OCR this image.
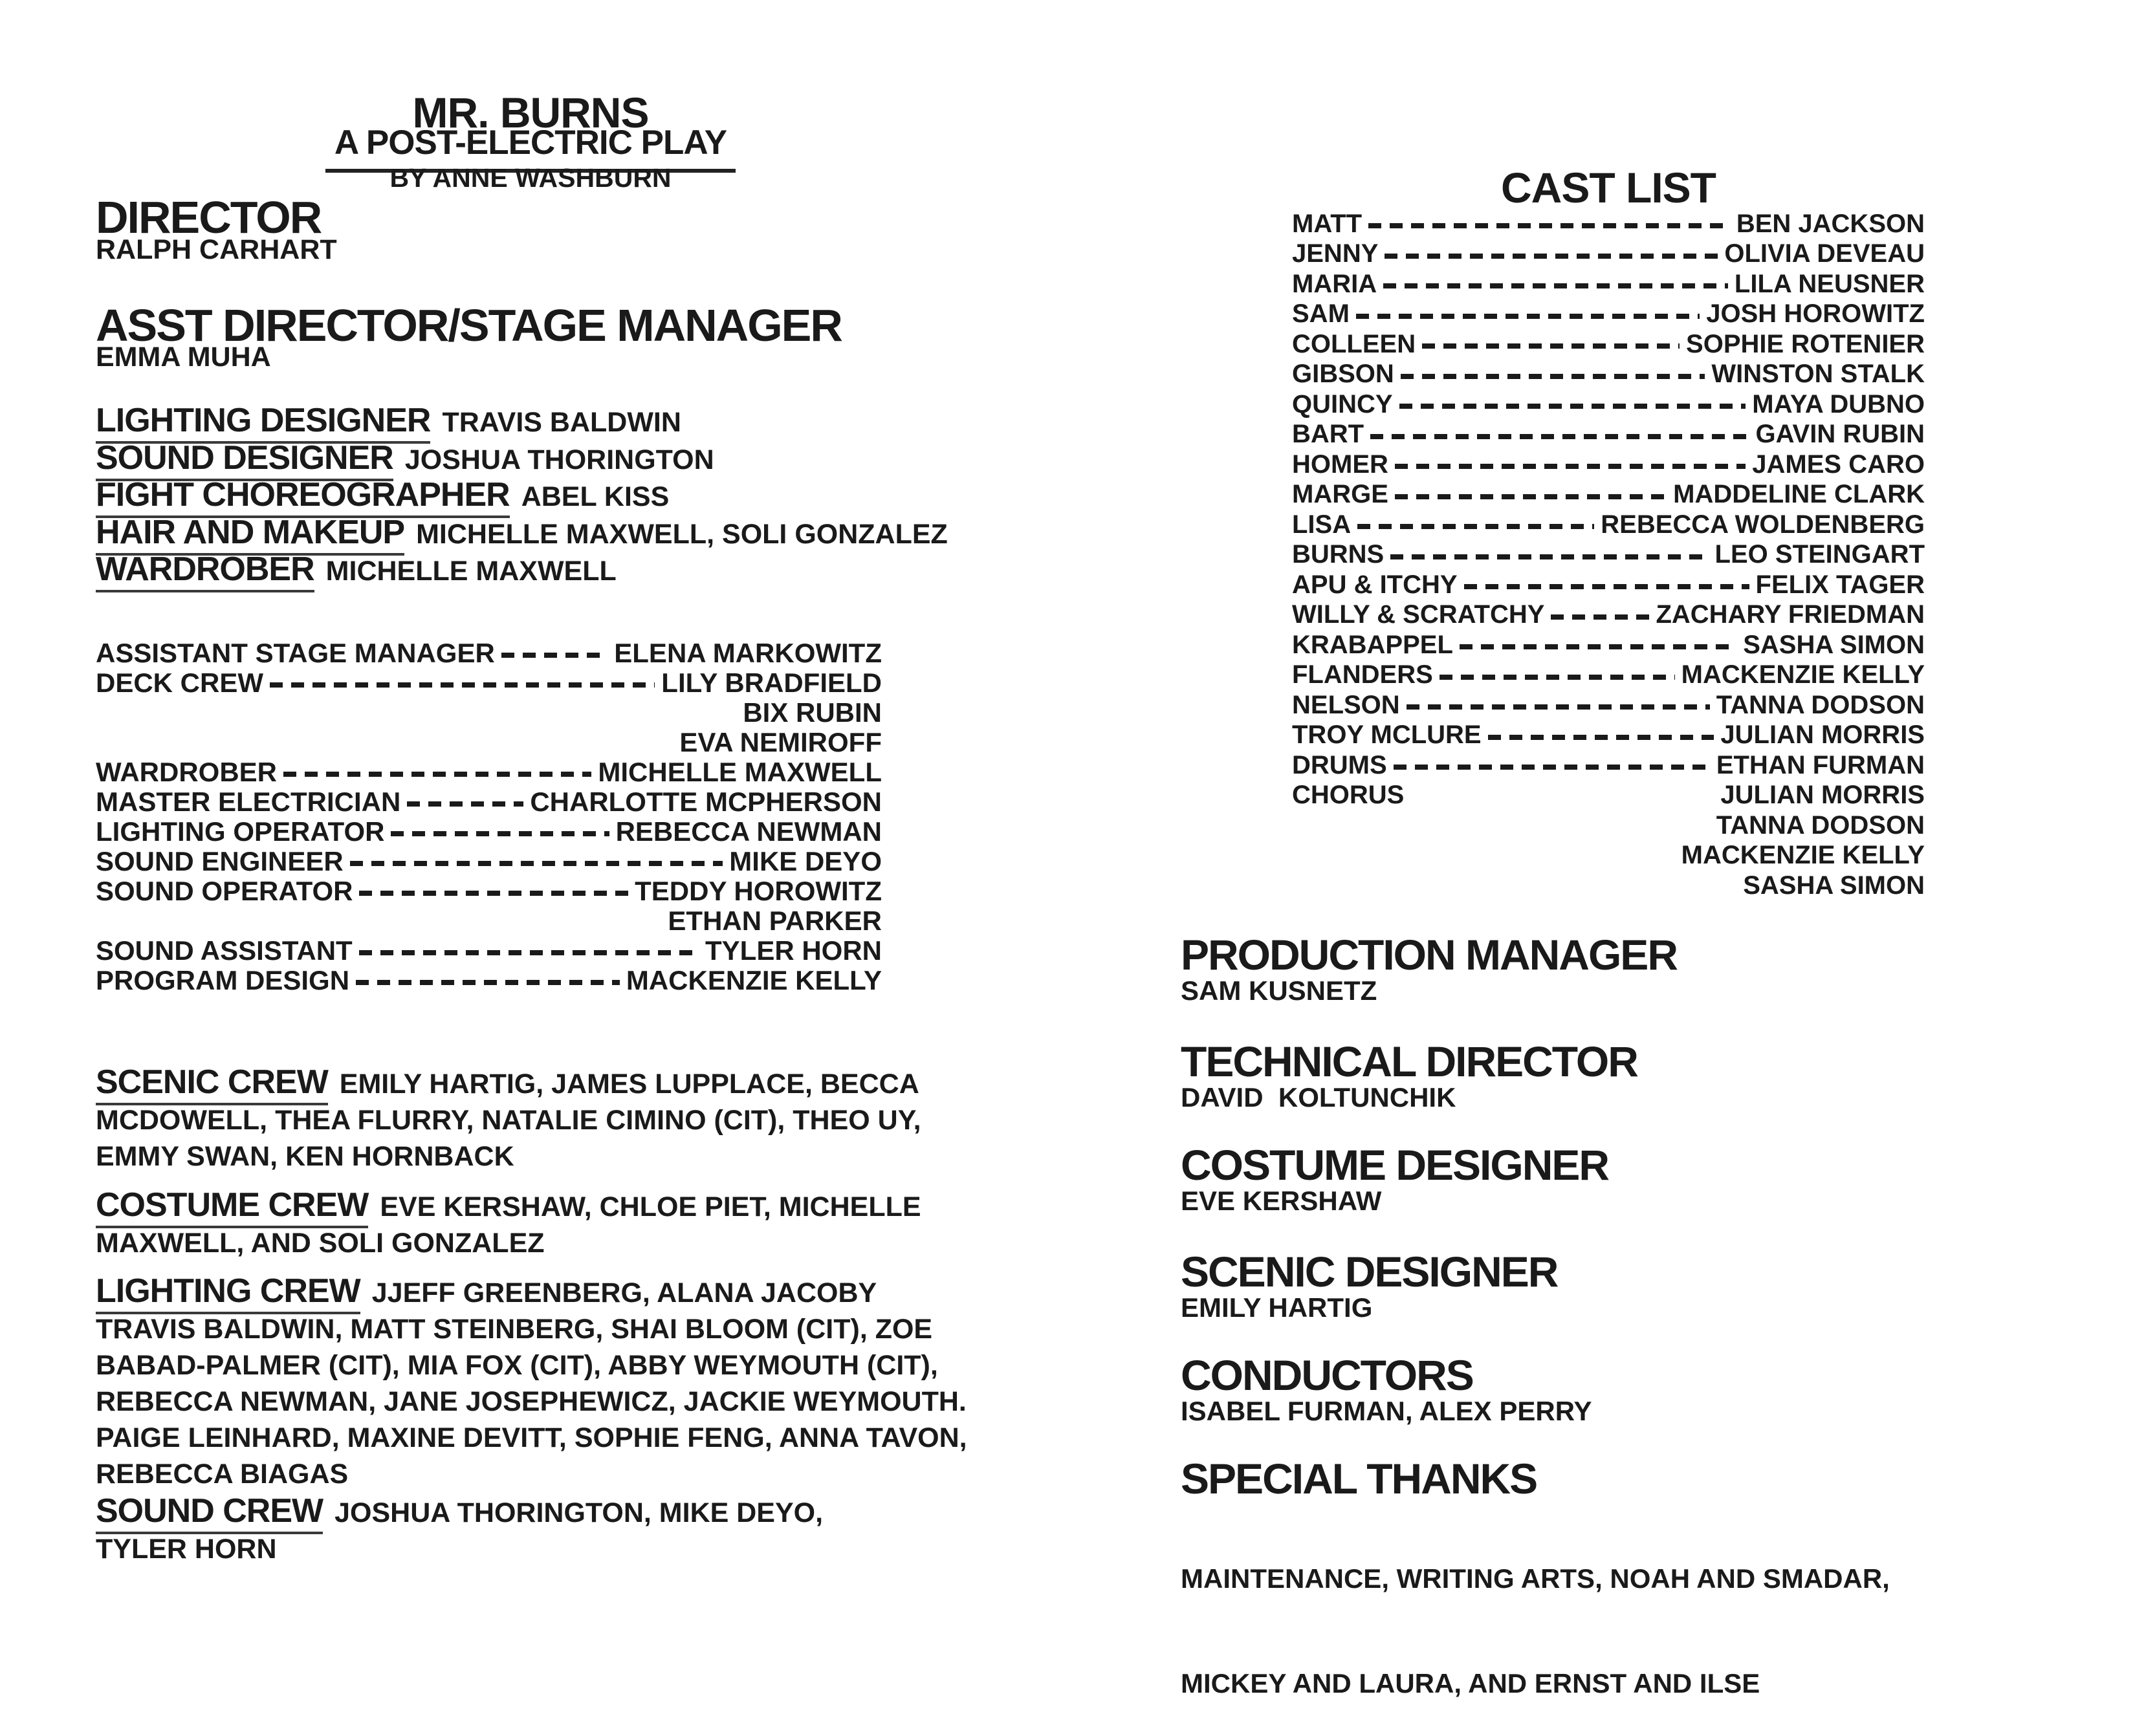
MR. BURNS
A POST-ELECTRIC PLAY
BY ANNE WASHBURN
DIRECTOR
RALPH CARHART
ASST DIRECTOR/STAGE MANAGER
EMMA MUHA
LIGHTING DESIGNER TRAVIS BALDWIN
SOUND DESIGNER JOSHUA THORINGTON
FIGHT CHOREOGRAPHER ABEL KISS
HAIR AND MAKEUP MICHELLE MAXWELL, SOLI GONZALEZ
WARDROBER MICHELLE MAXWELL
ASSISTANT STAGE MANAGER	ELENA MARKOWITZ
DECK CREW	LILY BRADFIELD
BIX RUBIN
EVA NEMIROFF
WARDROBER	MICHELLE MAXWELL
MASTER ELECTRICIAN	CHARLOTTE MCPHERSON
LIGHTING OPERATOR	REBECCA NEWMAN
SOUND ENGINEER	MIKE DEYO
SOUND OPERATOR	TEDDY HOROWITZ
ETHAN PARKER
SOUND ASSISTANT	TYLER HORN
PROGRAM DESIGN	MACKENZIE KELLY
SCENIC CREW EMILY HARTIG, JAMES LUPPLACE, BECCA
MCDOWELL, THEA FLURRY, NATALIE CIMINO (CIT), THEO UY,
EMMY SWAN, KEN HORNBACK
COSTUME CREW EVE KERSHAW, CHLOE PIET, MICHELLE
MAXWELL, AND SOLI GONZALEZ
LIGHTING CREW JJEFF GREENBERG, ALANA JACOBY
TRAVIS BALDWIN, MATT STEINBERG, SHAI BLOOM (CIT), ZOE
BABAD-PALMER (CIT), MIA FOX (CIT), ABBY WEYMOUTH (CIT),
REBECCA NEWMAN, JANE JOSEPHEWICZ, JACKIE WEYMOUTH.
PAIGE LEINHARD, MAXINE DEVITT, SOPHIE FENG, ANNA TAVON,
REBECCA BIAGAS
SOUND CREW JOSHUA THORINGTON, MIKE DEYO,
TYLER HORN
CAST LIST
MATT	BEN JACKSON
JENNY	OLIVIA DEVEAU
MARIA	LILA NEUSNER
SAM	JOSH HOROWITZ
COLLEEN	SOPHIE ROTENIER
GIBSON	WINSTON STALK
QUINCY	MAYA DUBNO
BART	GAVIN RUBIN
HOMER	JAMES CARO
MARGE	MADDELINE CLARK
LISA	REBECCA WOLDENBERG
BURNS	LEO STEINGART
APU & ITCHY	FELIX TAGER
WILLY & SCRATCHY	ZACHARY FRIEDMAN
KRABAPPEL	SASHA SIMON
FLANDERS	MACKENZIE KELLY
NELSON	TANNA DODSON
TROY MCLURE	JULIAN MORRIS
DRUMS	ETHAN FURMAN
CHORUS	JULIAN MORRIS
TANNA DODSON
MACKENZIE KELLY
SASHA SIMON
PRODUCTION MANAGER
SAM KUSNETZ
TECHNICAL DIRECTOR
DAVID  KOLTUNCHIK
COSTUME DESIGNER
EVE KERSHAW
SCENIC DESIGNER
EMILY HARTIG
CONDUCTORS
ISABEL FURMAN, ALEX PERRY
SPECIAL THANKS

MAINTENANCE, WRITING ARTS, NOAH AND SMADAR,

MICKEY AND LAURA, AND ERNST AND ILSE
